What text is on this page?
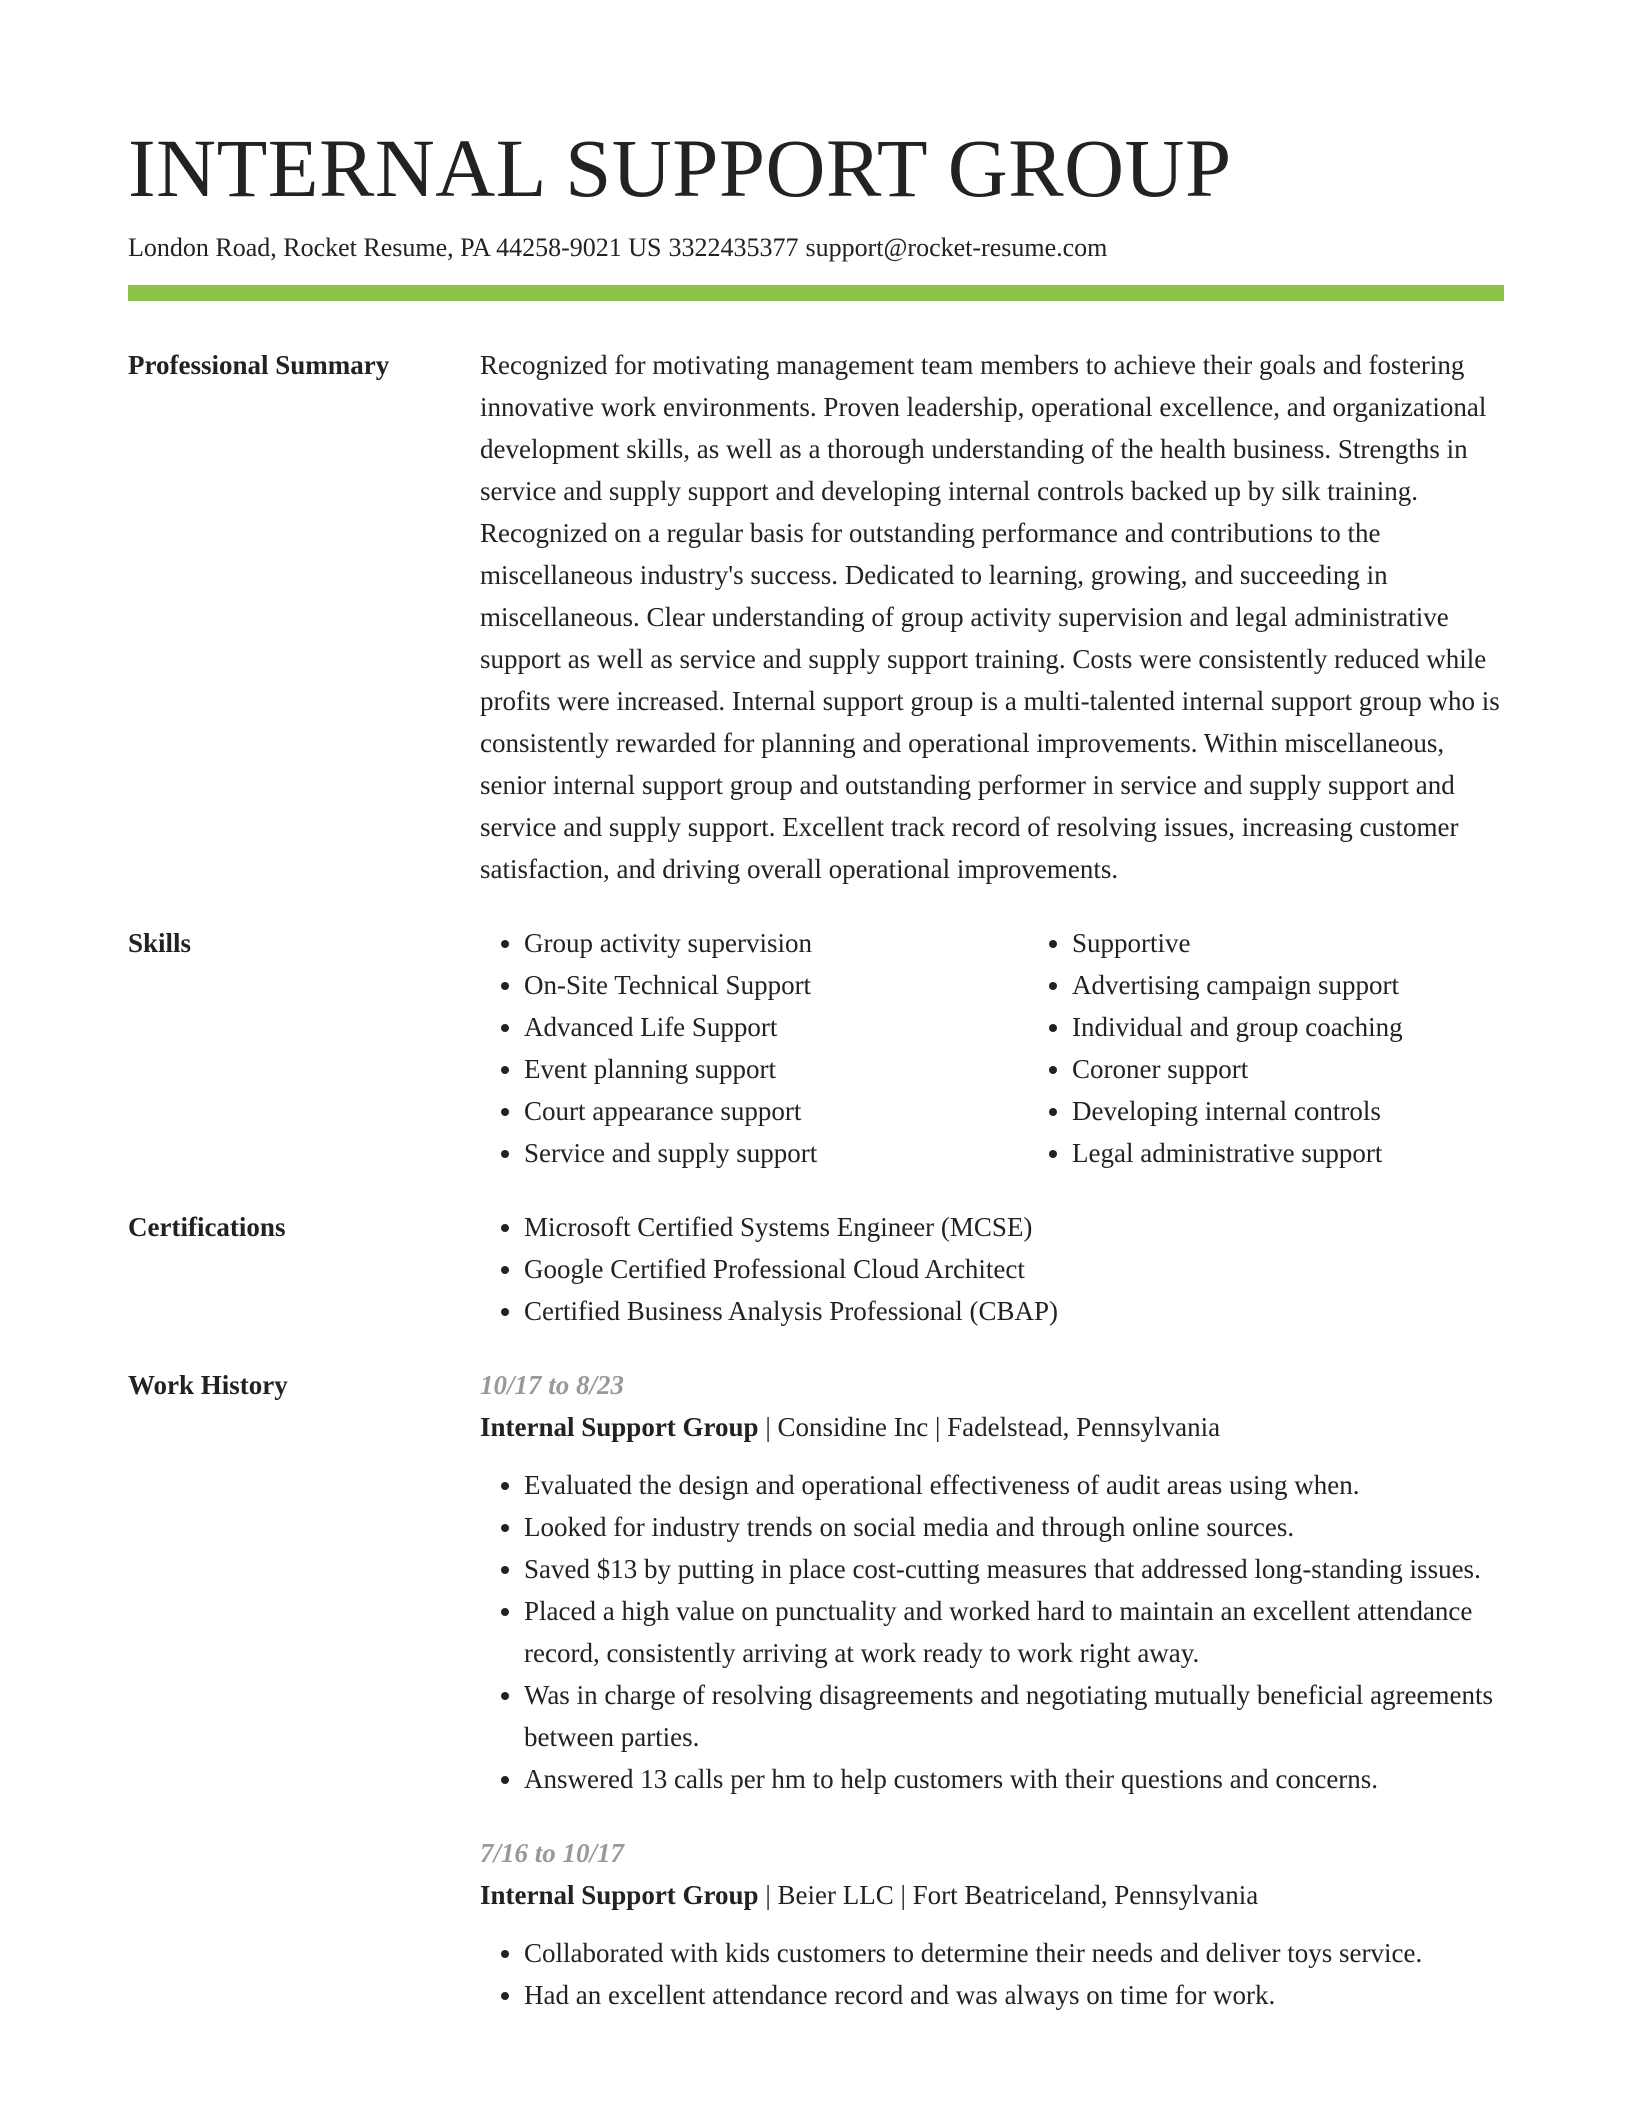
INTERNAL SUPPORT GROUP
London Road, Rocket Resume, PA 44258-9021 US 3322435377 support@rocket-resume.com
Professional Summary	Recognized for motivating management team members to achieve their goals and fostering innovative work environments. Proven leadership, operational excellence, and organizational development skills, as well as a thorough understanding of the health business. Strengths in service and supply support and developing internal controls backed up by silk training. Recognized on a regular basis for outstanding performance and contributions to the miscellaneous industry's success. Dedicated to learning, growing, and succeeding in miscellaneous. Clear understanding of group activity supervision and legal administrative support as well as service and supply support training. Costs were consistently reduced while profits were increased. Internal support group is a multi-talented internal support group who is consistently rewarded for planning and operational improvements. Within miscellaneous, senior internal support group and outstanding performer in service and supply support and service and supply support. Excellent track record of resolving issues, increasing customer satisfaction, and driving overall operational improvements.

Skills	• Group activity supervision
• On-Site Technical Support
• Advanced Life Support
• Event planning support
• Court appearance support
• Service and supply support
• Supportive
• Advertising campaign support
• Individual and group coaching
• Coroner support
• Developing internal controls
• Legal administrative support
Certifications	• Microsoft Certified Systems Engineer (MCSE)
• Google Certified Professional Cloud Architect
• Certified Business Analysis Professional (CBAP)
Work History	10/17 to 8/23
Internal Support Group | Considine Inc | Fadelstead, Pennsylvania
• Evaluated the design and operational effectiveness of audit areas using when.
• Looked for industry trends on social media and through online sources.
• Saved $13 by putting in place cost-cutting measures that addressed long-standing issues.
• Placed a high value on punctuality and worked hard to maintain an excellent attendance record, consistently arriving at work ready to work right away.
• Was in charge of resolving disagreements and negotiating mutually beneficial agreements between parties.
• Answered 13 calls per hm to help customers with their questions and concerns.
7/16 to 10/17
Internal Support Group | Beier LLC | Fort Beatriceland, Pennsylvania
• Collaborated with kids customers to determine their needs and deliver toys service.
• Had an excellent attendance record and was always on time for work.
